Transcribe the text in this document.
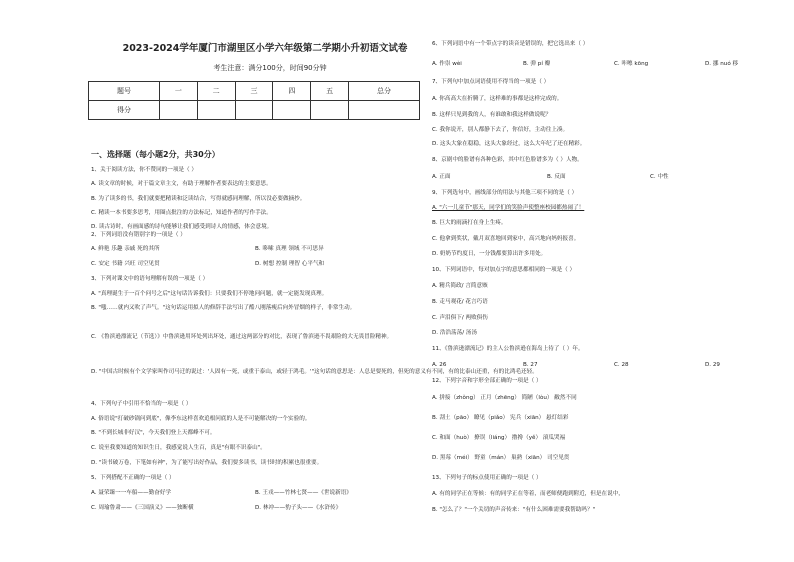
2023-2024学年厦门市湖里区小学六年级第二学期小升初语文试卷
考生注意：满分100分，时间90分钟
题号	一	二	三	四	五	总分
得分						
一、选择题（每小题2分，共30分）
1、关于阅读方法，你不赞同的一项是（ ）
A. 读文章的时候，对于篇文章主文，有助于理解作者要表达的主要意思。
B. 为了读多的书，我们就要把精读和泛读结合，写得就感同理解，所以没必要做摘抄。
C. 精读一本书要多思考，用圈点批注的方法标记，知道作者的写作手法。
D. 读古诗时，有画面感的诗句能够让我们感受到诗人的情感，体会意境。
2、下列词语没有错别字的一项是（ ）
A. 鲜艳 乐趣 亲戚 死的其所	B. 哆嗦 真理 领域 不可思异
C. 安定 书籍 兴旺 司空见贯	D. 树想 控制 理智 心平气和
3、下列对课文中的语句理解有误的一项是（ ）
A. "真理诞生于一百个问号之后"这句话告诉我们：只要我们不停地问问题，就一定能发现真理。
B. "嗤……就内又吹了声气。"这句话运用拟人的修辞手法写出了酷八刚落瘦后向外冒烟的样子，非常生动。
C. 《鲁滨逊漂流记（节选）》中鲁滨逊用坏处列出坏处，通过这两部分的对比，表现了鲁滨逊不畏艰险的大无畏冒险精神。
D. "中国古时候有个文学家叫作司马迁的说过：'人固有一死，或重于泰山，或轻于鸿毛。'"这句话的意思是：人总是要死的，但死的意义有不同，有的比泰山还重，有的比鸿毛还轻。
4、下列句子中引用不恰当的一项是（ ）
A. 俗语说"打破砂锅问到底"，像李东这样喜欢追根问底的人是不可能解决的一个实验的。
B. "不到长城非好汉"，今天我们登上天都峰不可。
C. 说至我要知道的知识生日，我感觉说人生百，真是"有眼不识泰山"。
D. "读书破万卷，下笔如有神"，为了能写出好作品，我们要多读书，读书时的积累也很重要。
5、下列搭配不正确的一项是（ ）
A. 聂荣臻一一车船——勤奋好学	B. 王戎——竹林七贤——《世说新语》
C. 周瑜鲁肃——《三国演义》——独断横	D. 林冲——豹子头——《水浒传》
6、下列词语中有一个带点字的读音是错误的，把它选出来（ ）
A. 作祟 wèi	B. 弹 pí 瓣	C. 咔嚓 kōng	D. 挪 nuó 移
7、下列句中加点词语使用不得当的一项是（ ）
A. 你高高大在折腾了，这样难的事都是这样完成的。
B. 这样只见到我的人，有谁敢和我这样做说呢？
C. 我你说开，别人都静下去了，你信好，主动往上凑。
D. 这头大象在稳稳，这头大象经过，这么大年纪了还在精彩。
8、京剧中的脸谱有各种色彩，其中红色脸谱多为（ ）人物。
A. 正面	B. 反面	C. 中性
9、下列选句中，画线部分的用法与其他三项不同的是（ ）
A. "六一儿童节"那天，同学们的笑脸声使整座校园都热闹了！
B. 巨大的雨滴打在身上生疼。
C. 他拿到奖状，戴月双喜地回到家中，高兴地向妈妈报喜。
D. 奶奶节约度日，一分钱都要算出许多用处。
10、下列词语中，每对加点字的意思都相同的一项是（ ）
A. 精兵简政/ 言简意赅
B. 走马观花/ 花言巧语
C. 声泪俱下/ 两败俱伤
D. 浩浩荡荡/ 汤汤
11、《鲁滨逊漂流记》的主人公鲁滨逊在海岛上待了（ ）年。
A. 26	B. 27	C. 28	D. 29
12、下列字音和字形全部正确的一项是（ ）
A. 拼接（zhǒng） 正月（zhēng） 简陋（lòu） 敝然不同
B. 刮土（pāo） 瞭见（piǎo） 宪兵（xiān） 悬灯结彩
C. 和面（huò） 撩误（liáng） 撸搀（yě） 滚瓜哭褔
D. 黑莓（méi） 野童（mán） 巢熟（xiān） 司空见贯
13、下列句子的标点使用正确的一项是（ ）
A. 有的同学正在等候：有的同学正在等着，而老师便跑到附近，但是在说中，
B. "怎么了？"一个关切的声音传来："有什么困难需要我帮助吗？"
